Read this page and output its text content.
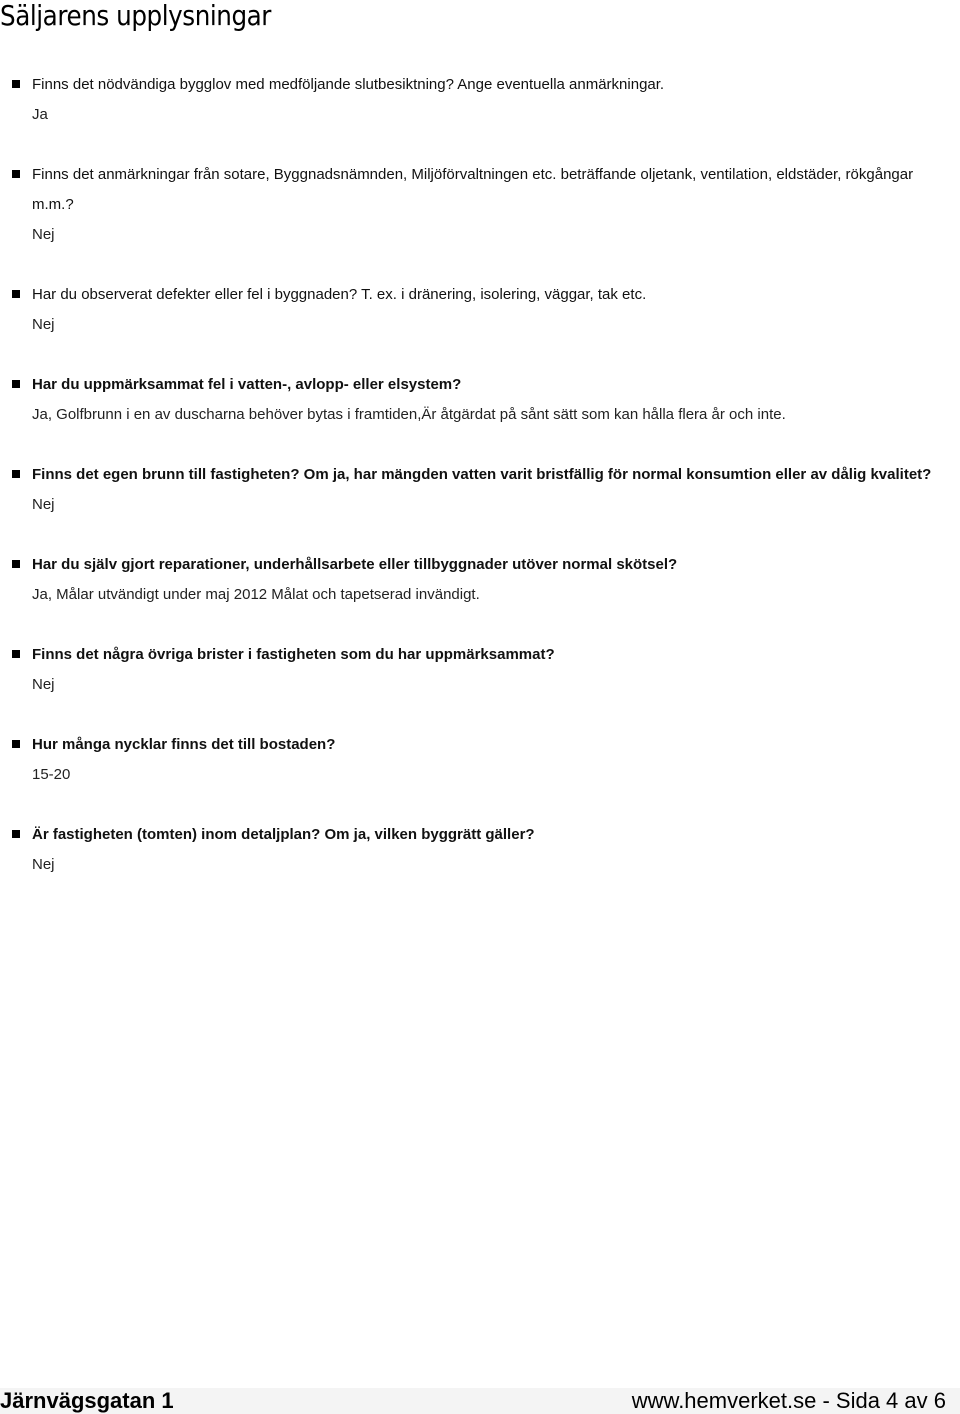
Säljarens upplysningar
Finns det nödvändiga bygglov med medföljande slutbesiktning? Ange eventuella anmärkningar.
Ja
Finns det anmärkningar från sotare, Byggnadsnämnden, Miljöförvaltningen etc. beträffande oljetank, ventilation, eldstäder, rökgångar m.m.?
Nej
Har du observerat defekter eller fel i byggnaden? T. ex. i dränering, isolering, väggar, tak etc.
Nej
Har du uppmärksammat fel i vatten-, avlopp- eller elsystem?
Ja, Golfbrunn i en av duscharna behöver bytas i framtiden,Är åtgärdat på sånt sätt som kan hålla flera år och inte.
Finns det egen brunn till fastigheten? Om ja, har mängden vatten varit bristfällig för normal konsumtion eller av dålig kvalitet?
Nej
Har du själv gjort reparationer, underhållsarbete eller tillbyggnader utöver normal skötsel?
Ja, Målar utvändigt under maj 2012 Målat och tapetserad invändigt.
Finns det några övriga brister i fastigheten som du har uppmärksammat?
Nej
Hur många nycklar finns det till bostaden?
15-20
Är fastigheten (tomten) inom detaljplan? Om ja, vilken byggrätt gäller?
Nej
Järnvägsgatan 1	www.hemverket.se - Sida 4 av 6
